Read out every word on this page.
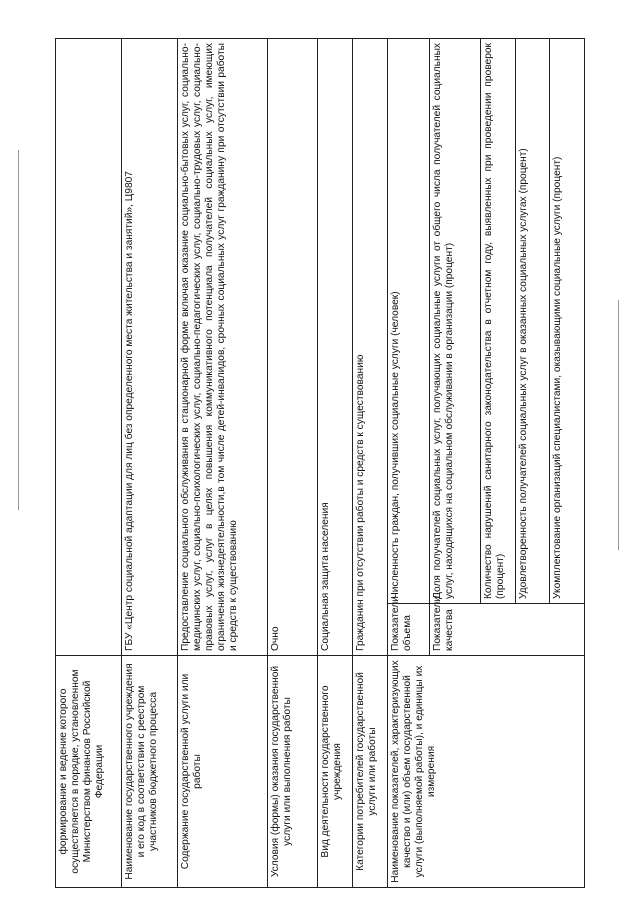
формирование и ведение которого осуществляется в порядке, установленном Министерством финансов Российской Федерации		
Наименование государственного учреждения и его код в соответствии с реестром участников бюджетного процесса	ГБУ «Центр социальной адаптации для лиц без определенного места жительства и занятий», Ц9807	
Содержание государственной услуги или работы	Предоставление социального обслуживания в стационарной форме включая оказание социально-бытовых услуг, социально-медицинских услуг, социально-психологических услуг, социально-педагогических услуг, социально-трудовых услуг, социально-правовых услуг, услуг в целях повышения коммуникативного потенциала получателей социальных услуг, имеющих ограничения жизнедеятельности,в том числе детей-инвалидов, срочных социальных услуг гражданину при отсутствии работы и средств к существованию	
Условия (формы) оказания государственной услуги или выполнения работы	Очно	
Вид деятельности государственного учреждения	Социальная защита населения	
Категории потребителей государственной услуги или работы	Гражданин при отсутствии работы и средств к существованию	
Наименование показателей, характеризующих качество и (или) объем государственной услуги (выполняемой работы), и единицы их измерения	Показатели объема	Численность граждан, получивших социальные услуги (человек)
	Показатели качества	Доля получателей социальных услуг, получающих социальные услуги от общего числа получателей социальных услуг, находящихся на социальном обслуживании в организации (процент)
		Количество нарушений санитарного законодательства в отчетном году, выявленных при проведении проверок (процент)
		Удовлетворенность получателей социальных услуг в оказанных социальных услугах (процент)
		Укомплектование организаций специалистами, оказывающими социальные услуги (процент)
